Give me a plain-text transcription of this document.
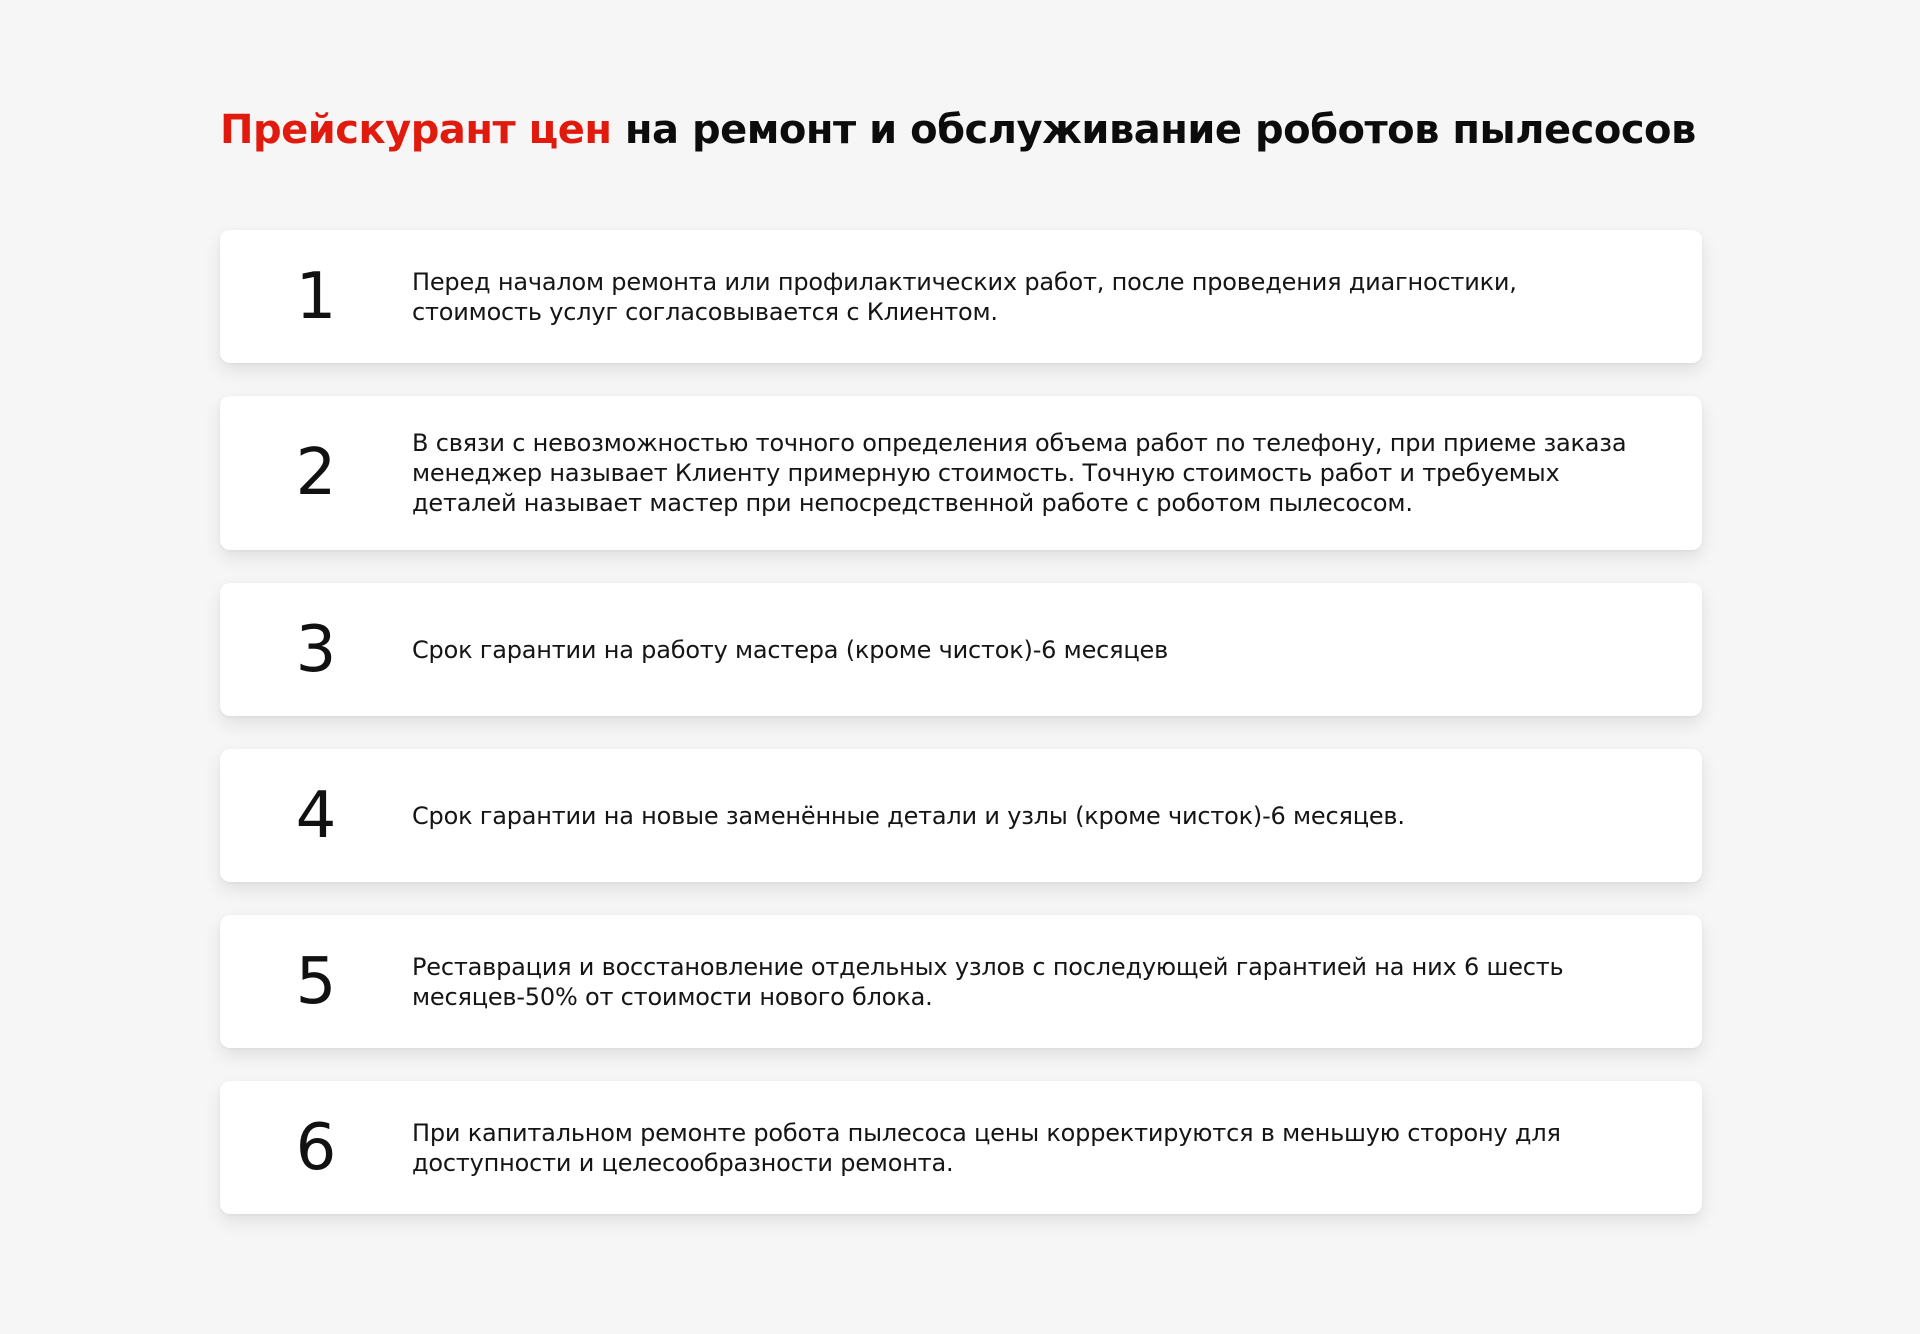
Прейскурант цен на ремонт и обслуживание роботов пылесосов
1	Перед началом ремонта или профилактических работ, после проведения диагностики, стоимость услуг согласовывается с Клиентом.
2	В связи с невозможностью точного определения объема работ по телефону, при приеме заказа менеджер называет Клиенту примерную стоимость. Точную стоимость работ и требуемых деталей называет мастер при непосредственной работе с роботом пылесосом.
3	Срок гарантии на работу мастера (кроме чисток)-6 месяцев
4	Срок гарантии на новые заменённые детали и узлы (кроме чисток)-6 месяцев.
5	Реставрация и восстановление отдельных узлов с последующей гарантией на них 6 шесть месяцев-50% от стоимости нового блока.
6	При капитальном ремонте робота пылесоса цены корректируются в меньшую сторону для доступности и целесообразности ремонта.
